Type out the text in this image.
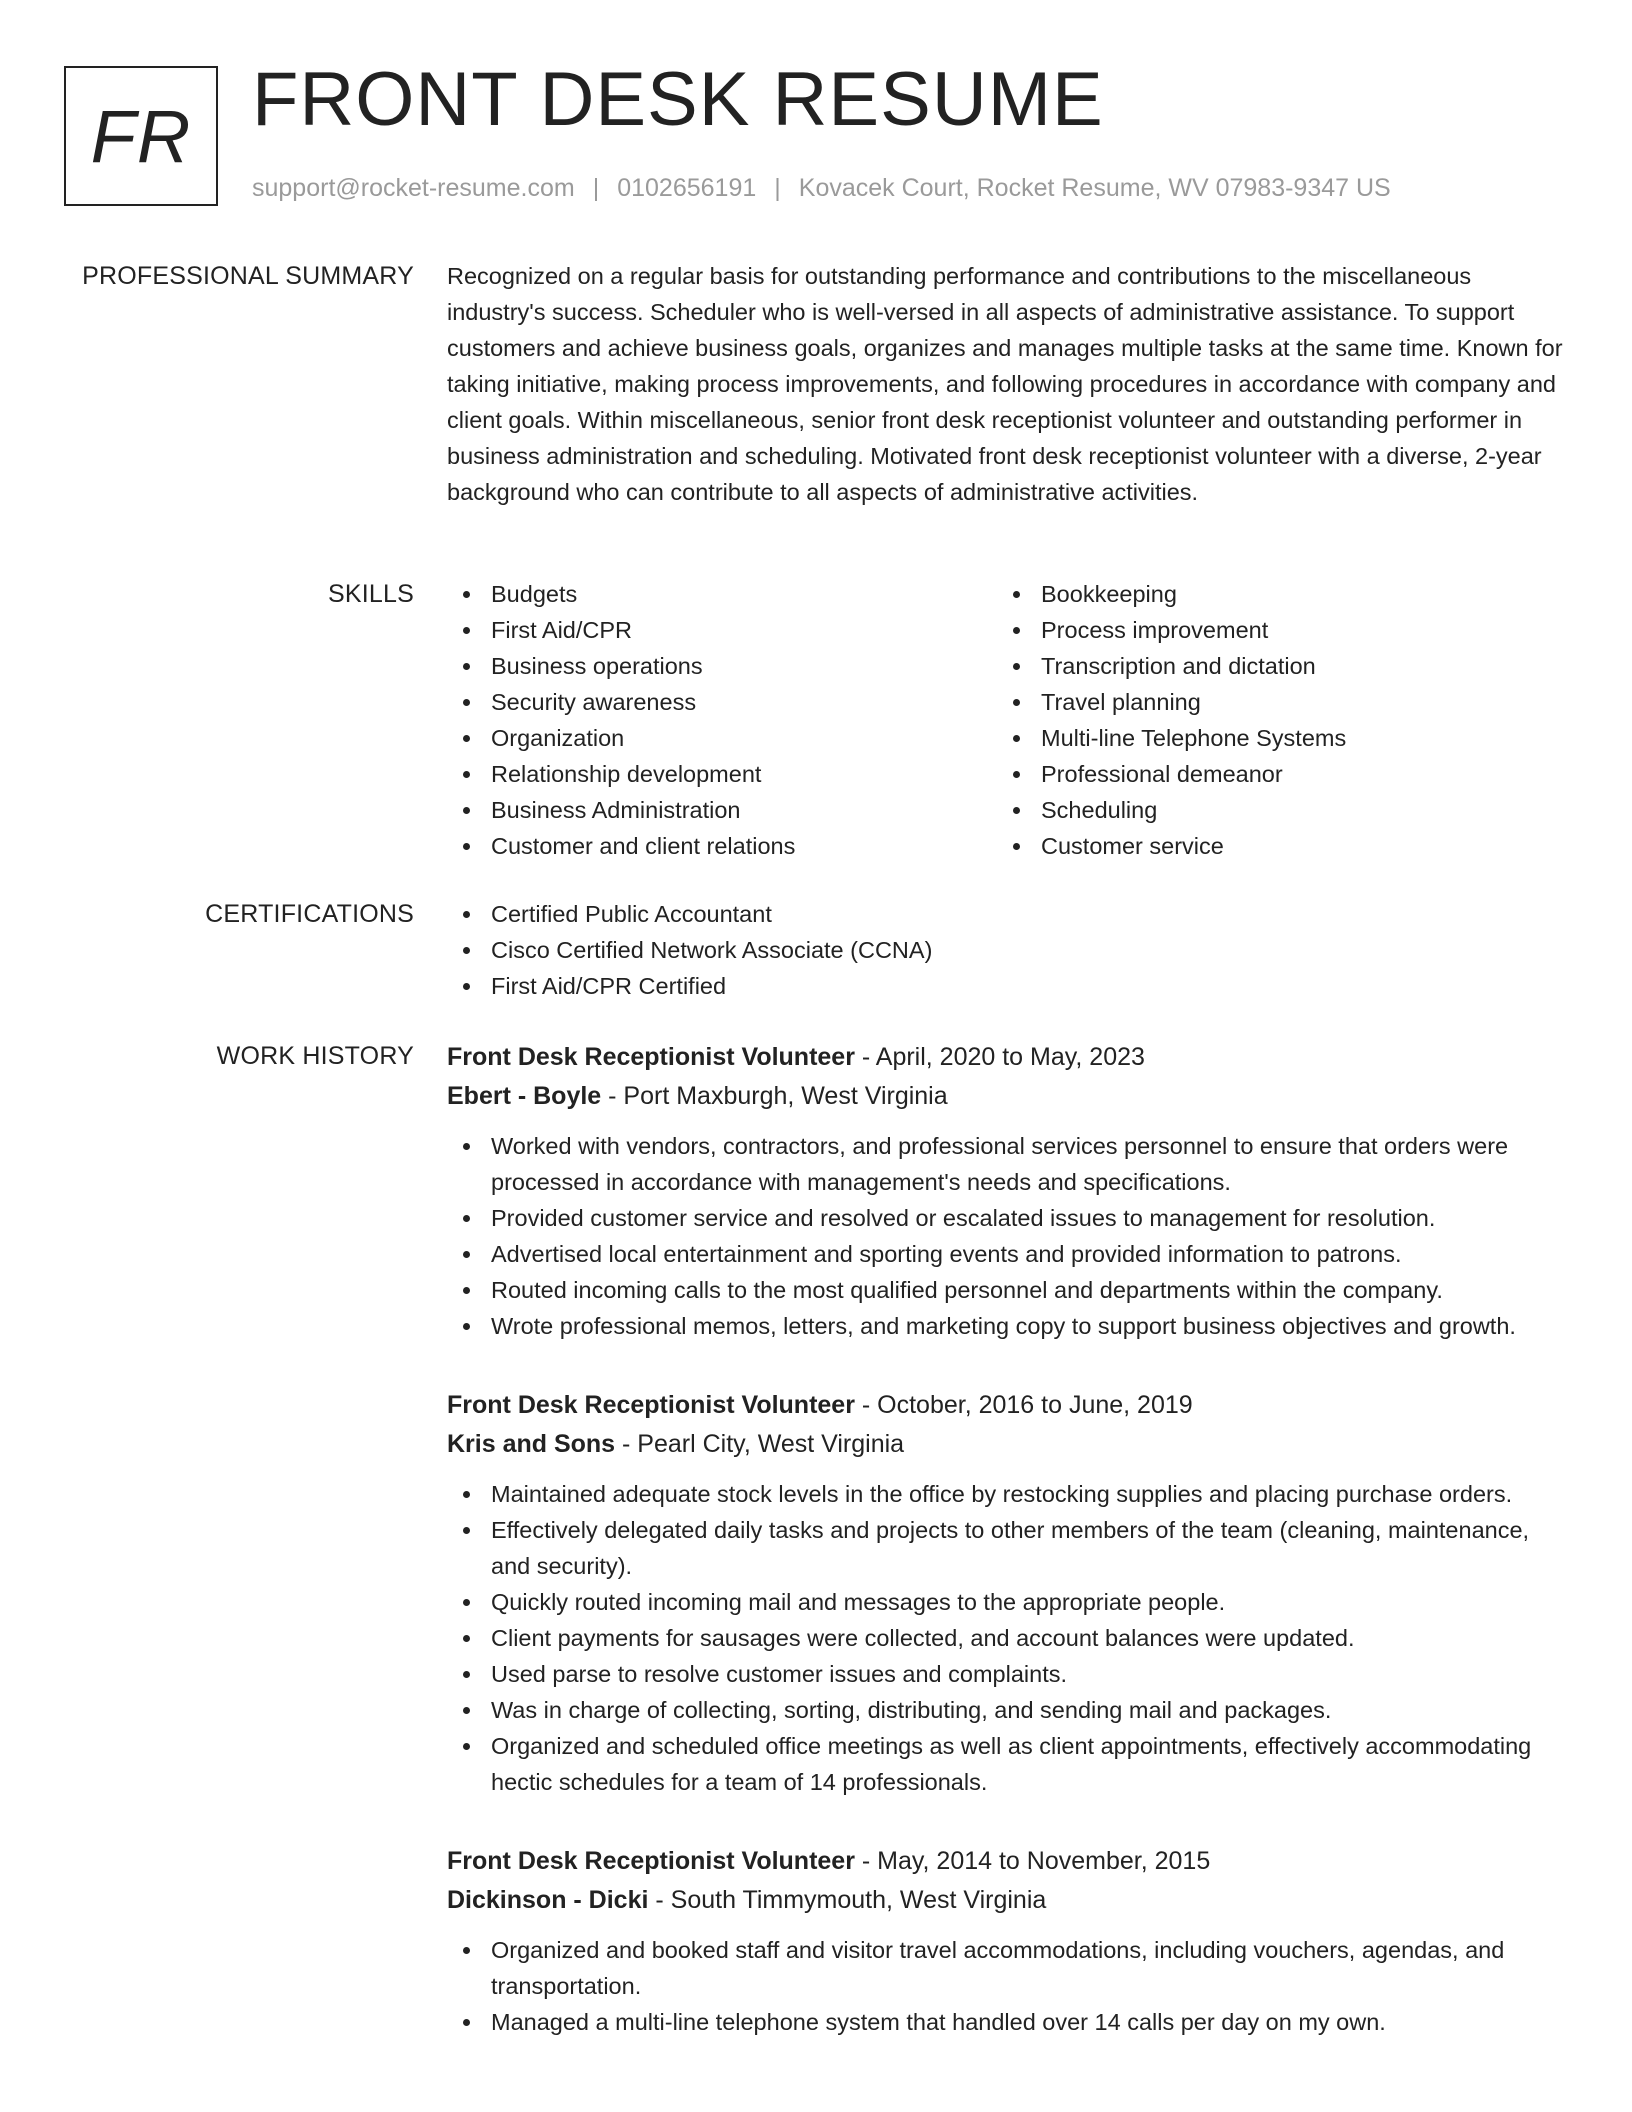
FR FRONT DESK RESUME
support@rocket-resume.com | 0102656191 | Kovacek Court, Rocket Resume, WV 07983-9347 US
PROFESSIONAL SUMMARY Recognized on a regular basis for outstanding performance and contributions to the miscellaneous industry's success. Scheduler who is well-versed in all aspects of administrative assistance. To support customers and achieve business goals, organizes and manages multiple tasks at the same time. Known for taking initiative, making process improvements, and following procedures in accordance with company and client goals. Within miscellaneous, senior front desk receptionist volunteer and outstanding performer in business administration and scheduling. Motivated front desk receptionist volunteer with a diverse, 2-year background who can contribute to all aspects of administrative activities.

SKILLS	Budgets
First Aid/CPR
Business operations
Security awareness
Organization
Relationship development
Business Administration
Customer and client relations
Bookkeeping
Process improvement
Transcription and dictation
Travel planning
Multi-line Telephone Systems
Professional demeanor
Scheduling
Customer service
CERTIFICATIONS	Certified Public Accountant
Cisco Certified Network Associate (CCNA)
First Aid/CPR Certified
WORK HISTORY Front Desk Receptionist Volunteer - April, 2020 to May, 2023
Ebert - Boyle - Port Maxburgh, West Virginia
Worked with vendors, contractors, and professional services personnel to ensure that orders were processed in accordance with management's needs and specifications.
Provided customer service and resolved or escalated issues to management for resolution.
Advertised local entertainment and sporting events and provided information to patrons.
Routed incoming calls to the most qualified personnel and departments within the company.
Wrote professional memos, letters, and marketing copy to support business objectives and growth.
Front Desk Receptionist Volunteer - October, 2016 to June, 2019
Kris and Sons - Pearl City, West Virginia
Maintained adequate stock levels in the office by restocking supplies and placing purchase orders.
Effectively delegated daily tasks and projects to other members of the team (cleaning, maintenance, and security).
Quickly routed incoming mail and messages to the appropriate people.
Client payments for sausages were collected, and account balances were updated.
Used parse to resolve customer issues and complaints.
Was in charge of collecting, sorting, distributing, and sending mail and packages.
Organized and scheduled office meetings as well as client appointments, effectively accommodating hectic schedules for a team of 14 professionals.
Front Desk Receptionist Volunteer - May, 2014 to November, 2015
Dickinson - Dicki - South Timmymouth, West Virginia
Organized and booked staff and visitor travel accommodations, including vouchers, agendas, and transportation.
Managed a multi-line telephone system that handled over 14 calls per day on my own.
